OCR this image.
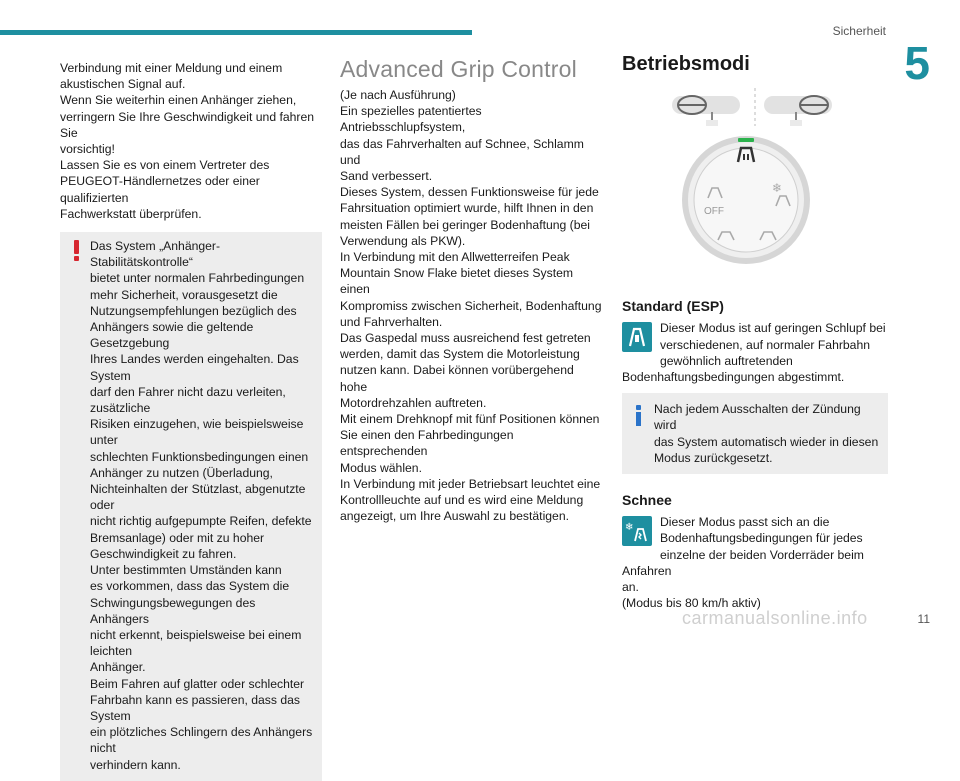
Sicherheit
5
Verbindung mit einer Meldung und einem
akustischen Signal auf.
Wenn Sie weiterhin einen Anhänger ziehen,
verringern Sie Ihre Geschwindigkeit und fahren Sie
vorsichtig!
Lassen Sie es von einem Vertreter des
PEUGEOT-Händlernetzes oder einer qualifizierten
Fachwerkstatt überprüfen.
Das System „Anhänger-Stabilitätskontrolle“
bietet unter normalen Fahrbedingungen
mehr Sicherheit, vorausgesetzt die
Nutzungsempfehlungen bezüglich des
Anhängers sowie die geltende Gesetzgebung
Ihres Landes werden eingehalten. Das System
darf den Fahrer nicht dazu verleiten, zusätzliche
Risiken einzugehen, wie beispielsweise unter
schlechten Funktionsbedingungen einen
Anhänger zu nutzen (Überladung,
Nichteinhalten der Stützlast, abgenutzte oder
nicht richtig aufgepumpte Reifen, defekte
Bremsanlage) oder mit zu hoher
Geschwindigkeit zu fahren.
Unter bestimmten Umständen kann
es vorkommen, dass das System die
Schwingungsbewegungen des Anhängers
nicht erkennt, beispielsweise bei einem leichten
Anhänger.
Beim Fahren auf glatter oder schlechter
Fahrbahn kann es passieren, dass das System
ein plötzliches Schlingern des Anhängers nicht
verhindern kann.
Advanced Grip Control
(Je nach Ausführung)
Ein spezielles patentiertes Antriebsschlupfsystem,
das das Fahrverhalten auf Schnee, Schlamm und
Sand verbessert.
Dieses System, dessen Funktionsweise für jede
Fahrsituation optimiert wurde, hilft Ihnen in den
meisten Fällen bei geringer Bodenhaftung (bei
Verwendung als PKW).
In Verbindung mit den Allwetterreifen Peak
Mountain Snow Flake bietet dieses System einen
Kompromiss zwischen Sicherheit, Bodenhaftung
und Fahrverhalten.
Das Gaspedal muss ausreichend fest getreten
werden, damit das System die Motorleistung
nutzen kann. Dabei können vorübergehend hohe
Motordrehzahlen auftreten.
Mit einem Drehknopf mit fünf Positionen können
Sie einen den Fahrbedingungen entsprechenden
Modus wählen.
In Verbindung mit jeder Betriebsart leuchtet eine
Kontrollleuchte auf und es wird eine Meldung
angezeigt, um Ihre Auswahl zu bestätigen.
Betriebsmodi
OFF
❄
Standard (ESP)
Dieser Modus ist auf geringen Schlupf bei
verschiedenen, auf normaler Fahrbahn
gewöhnlich auftretenden
Bodenhaftungsbedingungen abgestimmt.
Nach jedem Ausschalten der Zündung wird
das System automatisch wieder in diesen
Modus zurückgesetzt.
Schnee
❄	Dieser Modus passt sich an die
Bodenhaftungsbedingungen für jedes
einzelne der beiden Vorderräder beim Anfahren
an.
(Modus bis 80 km/h aktiv)
carmanualsonline.info	11
